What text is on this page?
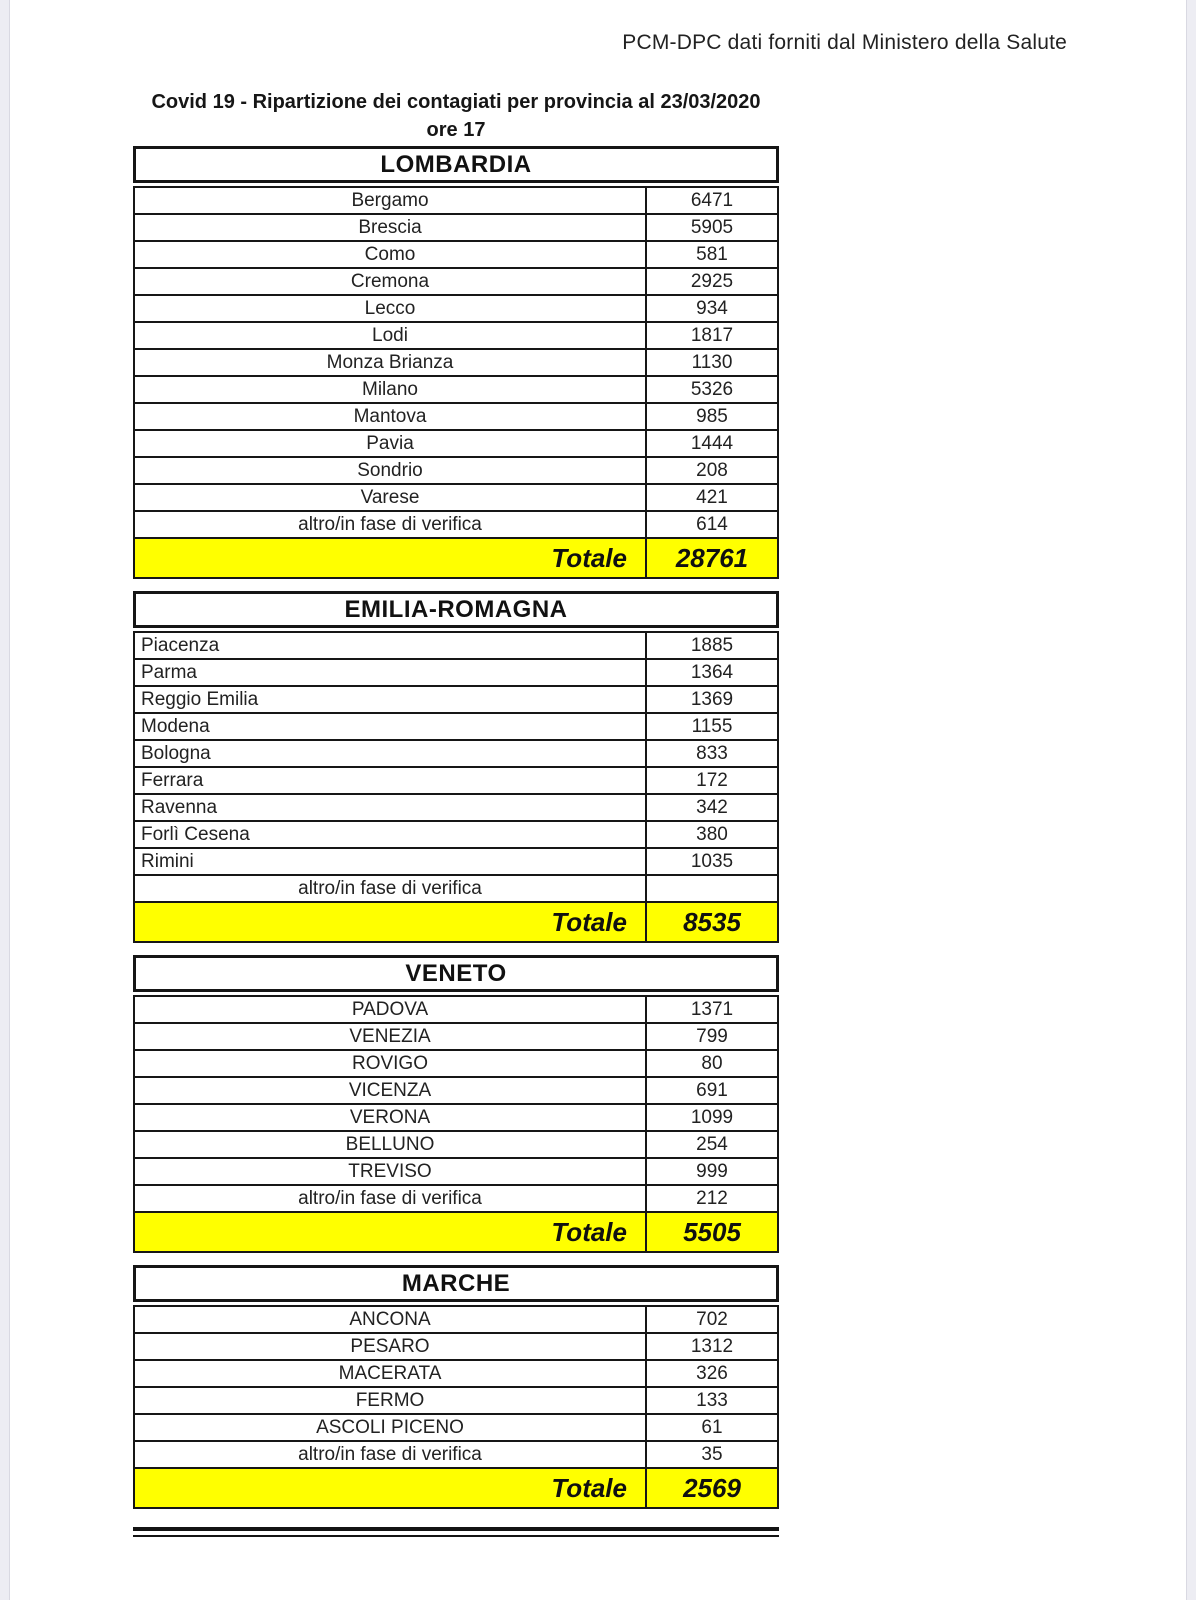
PCM-DPC dati forniti dal Ministero della Salute
Covid 19 - Ripartizione dei contagiati per provincia al 23/03/2020
ore 17
LOMBARDIA
Bergamo	6471
Brescia	5905
Como	581
Cremona	2925
Lecco	934
Lodi	1817
Monza Brianza	1130
Milano	5326
Mantova	985
Pavia	1444
Sondrio	208
Varese	421
altro/in fase di verifica	614
Totale	28761
EMILIA-ROMAGNA
Piacenza	1885
Parma	1364
Reggio Emilia	1369
Modena	1155
Bologna	833
Ferrara	172
Ravenna	342
Forlì Cesena	380
Rimini	1035
altro/in fase di verifica
Totale	8535
VENETO
PADOVA	1371
VENEZIA	799
ROVIGO	80
VICENZA	691
VERONA	1099
BELLUNO	254
TREVISO	999
altro/in fase di verifica	212
Totale	5505
MARCHE
ANCONA	702
PESARO	1312
MACERATA	326
FERMO	133
ASCOLI PICENO	61
altro/in fase di verifica	35
Totale	2569
